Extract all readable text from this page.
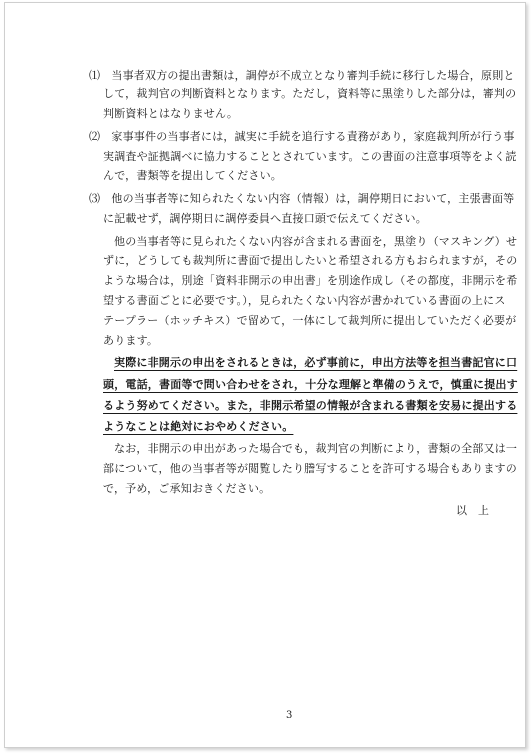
⑴　当事者双方の提出書類は，調停が不成立となり審判手続に移行した場合，原則と
して，裁判官の判断資料となります。ただし，資料等に黒塗りした部分は，審判の
判断資料とはなりません。
⑵　家事事件の当事者には，誠実に手続を追行する責務があり，家庭裁判所が行う事
実調査や証拠調べに協力することとされています。この書面の注意事項等をよく読
んで，書類等を提出してください。
⑶　他の当事者等に知られたくない内容（情報）は，調停期日において，主張書面等
に記載せず，調停期日に調停委員へ直接口頭で伝えてください。
他の当事者等に見られたくない内容が含まれる書面を，黒塗り（マスキング）せ
ずに，どうしても裁判所に書面で提出したいと希望される方もおられますが，その
ような場合は，別途「資料非開示の申出書」を別途作成し（その都度，非開示を希
望する書面ごとに必要です。），見られたくない内容が書かれている書面の上にス
テープラー（ホッチキス）で留めて，一体にして裁判所に提出していただく必要が
あります。
実際に非開示の申出をされるときは，必ず事前に，申出方法等を担当書記官に口
頭，電話，書面等で問い合わせをされ，十分な理解と準備のうえで，慎重に提出す
るよう努めてください。また，非開示希望の情報が含まれる書類を安易に提出する
ようなことは絶対におやめください。
なお，非開示の申出があった場合でも，裁判官の判断により，書類の全部又は一
部について，他の当事者等が閲覧したり謄写することを許可する場合もありますの
で，予め，ご承知おきください。
以　上
3
